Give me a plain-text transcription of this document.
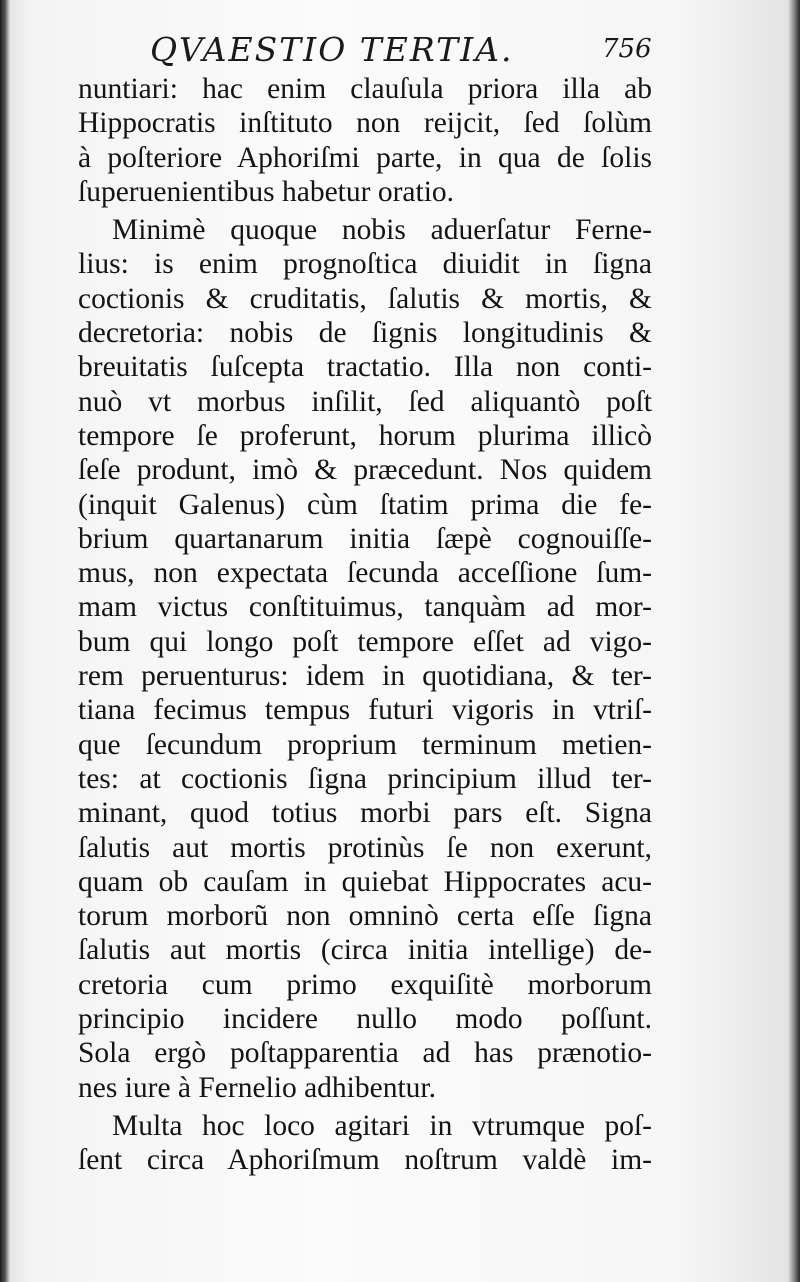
QVAESTIO TERTIA.	756
nuntiari: hac enim clauſula priora illa ab
Hippocratis inſtituto non reijcit, ſed ſolùm
à poſteriore Aphoriſmi parte, in qua de ſolis
ſuperuenientibus habetur oratio.
Minimè quoque nobis aduerſatur Ferne-
lius: is enim prognoſtica diuidit in ſigna
coctionis & cruditatis, ſalutis & mortis, &
decretoria: nobis de ſignis longitudinis &
breuitatis ſuſcepta tractatio. Illa non conti-
nuò vt morbus inſilit, ſed aliquantò poſt
tempore ſe proferunt, horum plurima illicò
ſeſe produnt, imò & præcedunt. Nos quidem
(inquit Galenus) cùm ſtatim prima die fe-
brium quartanarum initia ſæpè cognouiſſe-
mus, non expectata ſecunda acceſſione ſum-
mam victus conſtituimus, tanquàm ad mor-
bum qui longo poſt tempore eſſet ad vigo-
rem peruenturus: idem in quotidiana, & ter-
tiana fecimus tempus futuri vigoris in vtriſ-
que ſecundum proprium terminum metien-
tes: at coctionis ſigna principium illud ter-
minant, quod totius morbi pars eſt. Signa
ſalutis aut mortis protinùs ſe non exerunt,
quam ob cauſam in quiebat Hippocrates acu-
torum morborũ non omninò certa eſſe ſigna
ſalutis aut mortis (circa initia intellige) de-
cretoria cum primo exquiſitè morborum
principio incidere nullo modo poſſunt.
Sola ergò poſtapparentia ad has prænotio-
nes iure à Fernelio adhibentur.
Multa hoc loco agitari in vtrumque poſ-
ſent circa Aphoriſmum noſtrum valdè im-
